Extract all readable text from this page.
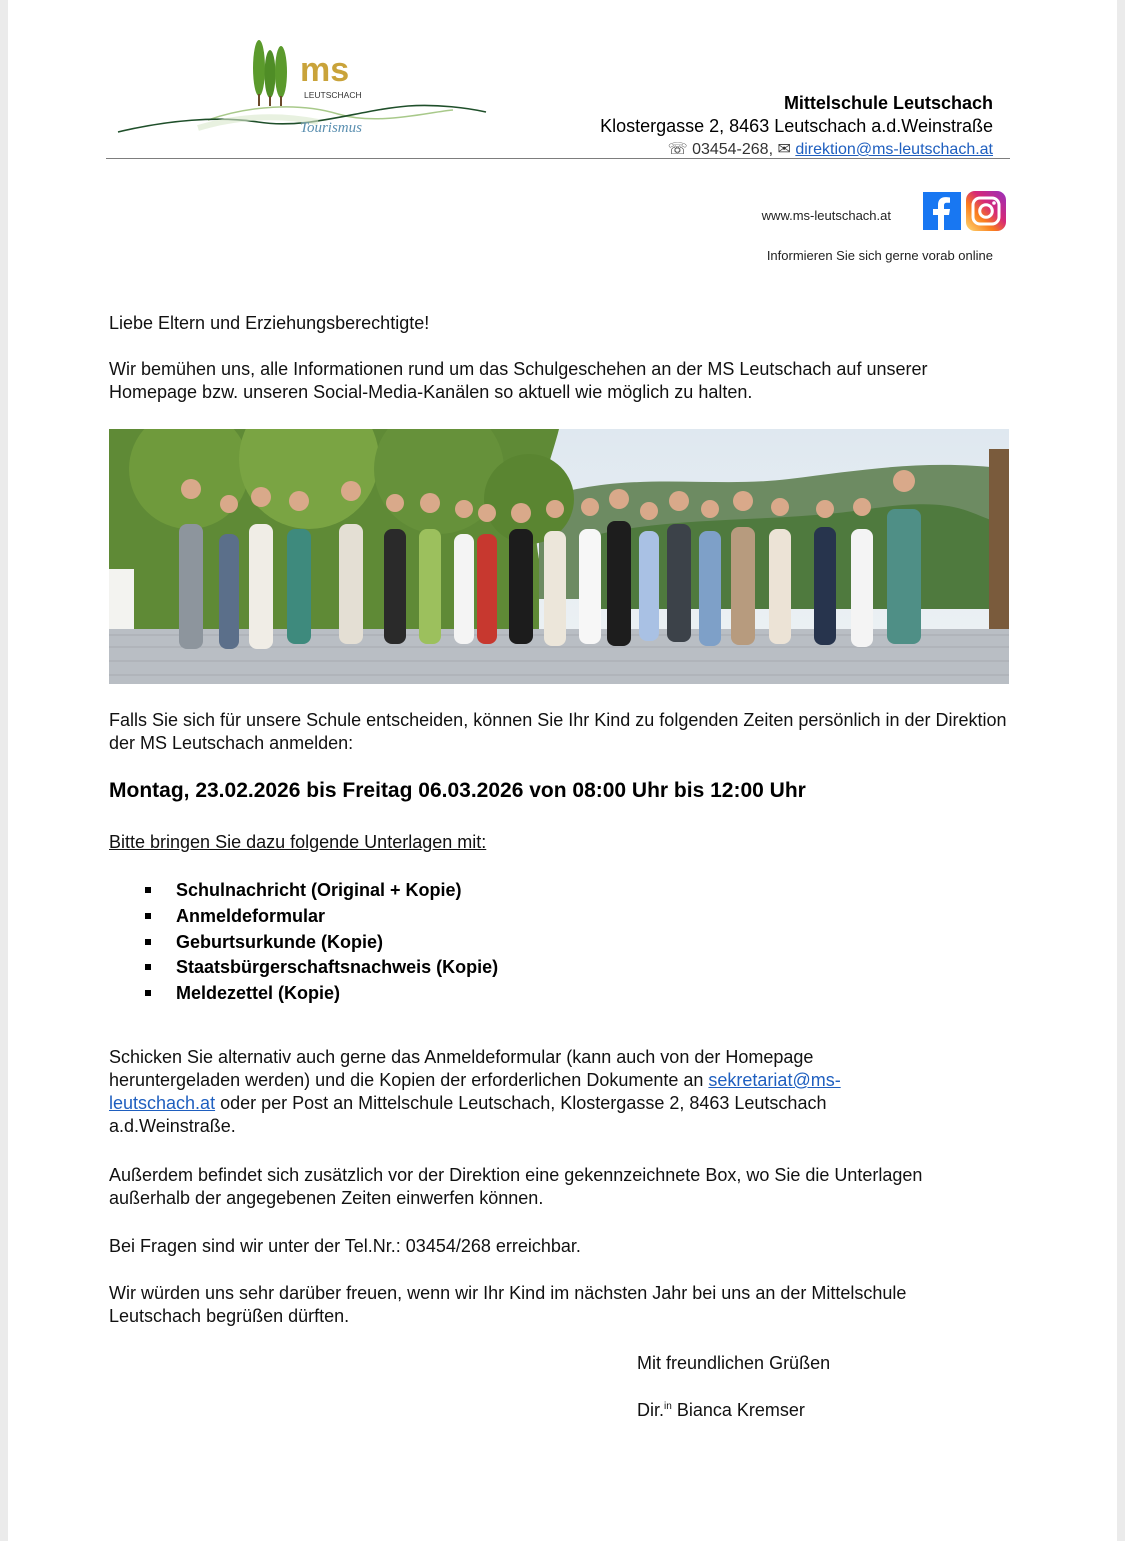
ms
LEUTSCHACH
Tourismus
Mittelschule Leutschach
Klostergasse 2, 8463 Leutschach a.d.Weinstraße
☏ 03454-268, ✉ direktion@ms-leutschach.at
www.ms-leutschach.at
Informieren Sie sich gerne vorab online
Liebe Eltern und Erziehungsberechtigte!
Wir bemühen uns, alle Informationen rund um das Schulgeschehen an der MS Leutschach auf unserer Homepage bzw. unseren Social-Media-Kanälen so aktuell wie möglich zu halten.
Falls Sie sich für unsere Schule entscheiden, können Sie Ihr Kind zu folgenden Zeiten persönlich in der Direktion der MS Leutschach anmelden:
Montag, 23.02.2026 bis Freitag 06.03.2026 von 08:00 Uhr bis 12:00 Uhr
Bitte bringen Sie dazu folgende Unterlagen mit:
Schulnachricht (Original + Kopie)
Anmeldeformular
Geburtsurkunde (Kopie)
Staatsbürgerschaftsnachweis (Kopie)
Meldezettel (Kopie)
Schicken Sie alternativ auch gerne das Anmeldeformular (kann auch von der Homepage heruntergeladen werden) und die Kopien der erforderlichen Dokumente an sekretariat@ms-leutschach.at oder per Post an Mittelschule Leutschach, Klostergasse 2, 8463 Leutschach a.d.Weinstraße.
Außerdem befindet sich zusätzlich vor der Direktion eine gekennzeichnete Box, wo Sie die Unterlagen außerhalb der angegebenen Zeiten einwerfen können.
Bei Fragen sind wir unter der Tel.Nr.: 03454/268 erreichbar.
Wir würden uns sehr darüber freuen, wenn wir Ihr Kind im nächsten Jahr bei uns an der Mittelschule Leutschach begrüßen dürften.
Mit freundlichen Grüßen
Dir.$^{in}$ Bianca Kremser
